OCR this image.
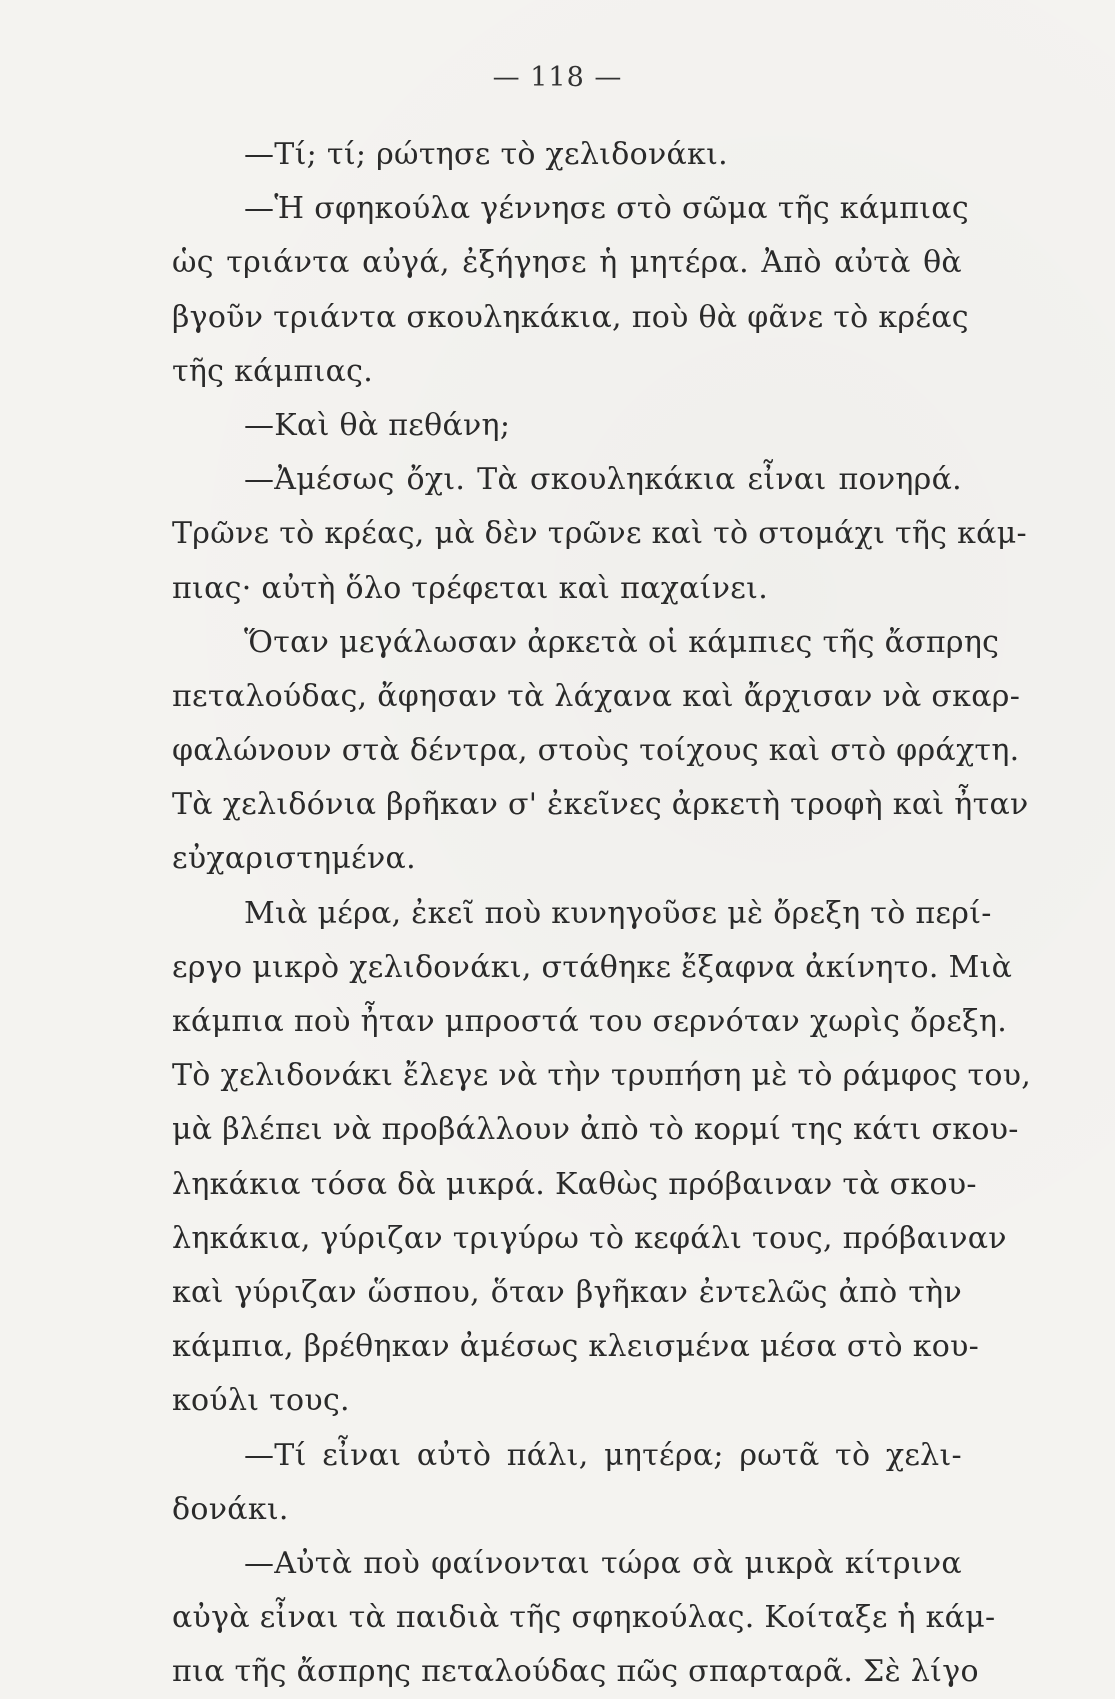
— 118 —
—Τί; τί; ρώτησε τὸ χελιδονάκι.
—Ἡ σφηκούλα γέννησε στὸ σῶμα τῆς κάμπιας
ὡς τριάντα αὐγά, ἐξήγησε ἡ μητέρα. Ἀπὸ αὐτὰ θὰ
βγοῦν τριάντα σκουληκάκια, ποὺ θὰ φᾶνε τὸ κρέας
τῆς κάμπιας.
—Καὶ θὰ πεθάνη;
—Ἀμέσως ὄχι. Τὰ σκουληκάκια εἶναι πονηρά.
Τρῶνε τὸ κρέας, μὰ δὲν τρῶνε καὶ τὸ στομάχι τῆς κάμ-
πιας· αὐτὴ ὅλο τρέφεται καὶ παχαίνει.
Ὅταν μεγάλωσαν ἀρκετὰ οἱ κάμπιες τῆς ἄσπρης
πεταλούδας, ἄφησαν τὰ λάχανα καὶ ἄρχισαν νὰ σκαρ-
φαλώνουν στὰ δέντρα, στοὺς τοίχους καὶ στὸ φράχτη.
Τὰ χελιδόνια βρῆκαν σ' ἐκεῖνες ἀρκετὴ τροφὴ καὶ ἦταν
εὐχαριστημένα.
Μιὰ μέρα, ἐκεῖ ποὺ κυνηγοῦσε μὲ ὄρεξη τὸ περί-
εργο μικρὸ χελιδονάκι, στάθηκε ἔξαφνα ἀκίνητο. Μιὰ
κάμπια ποὺ ἦταν μπροστά του σερνόταν χωρὶς ὄρεξη.
Τὸ χελιδονάκι ἔλεγε νὰ τὴν τρυπήση μὲ τὸ ράμφος του,
μὰ βλέπει νὰ προβάλλουν ἀπὸ τὸ κορμί της κάτι σκου-
ληκάκια τόσα δὰ μικρά. Καθὼς πρόβαιναν τὰ σκου-
ληκάκια, γύριζαν τριγύρω τὸ κεφάλι τους, πρόβαιναν
καὶ γύριζαν ὥσπου, ὅταν βγῆκαν ἐντελῶς ἀπὸ τὴν
κάμπια, βρέθηκαν ἀμέσως κλεισμένα μέσα στὸ κου-
κούλι τους.
—Τί εἶναι αὐτὸ πάλι, μητέρα; ρωτᾶ τὸ χελι-
δονάκι.
—Αὐτὰ ποὺ φαίνονται τώρα σὰ μικρὰ κίτρινα
αὐγὰ εἶναι τὰ παιδιὰ τῆς σφηκούλας. Κοίταξε ἡ κάμ-
πια τῆς ἄσπρης πεταλούδας πῶς σπαρταρᾶ. Σὲ λίγο
